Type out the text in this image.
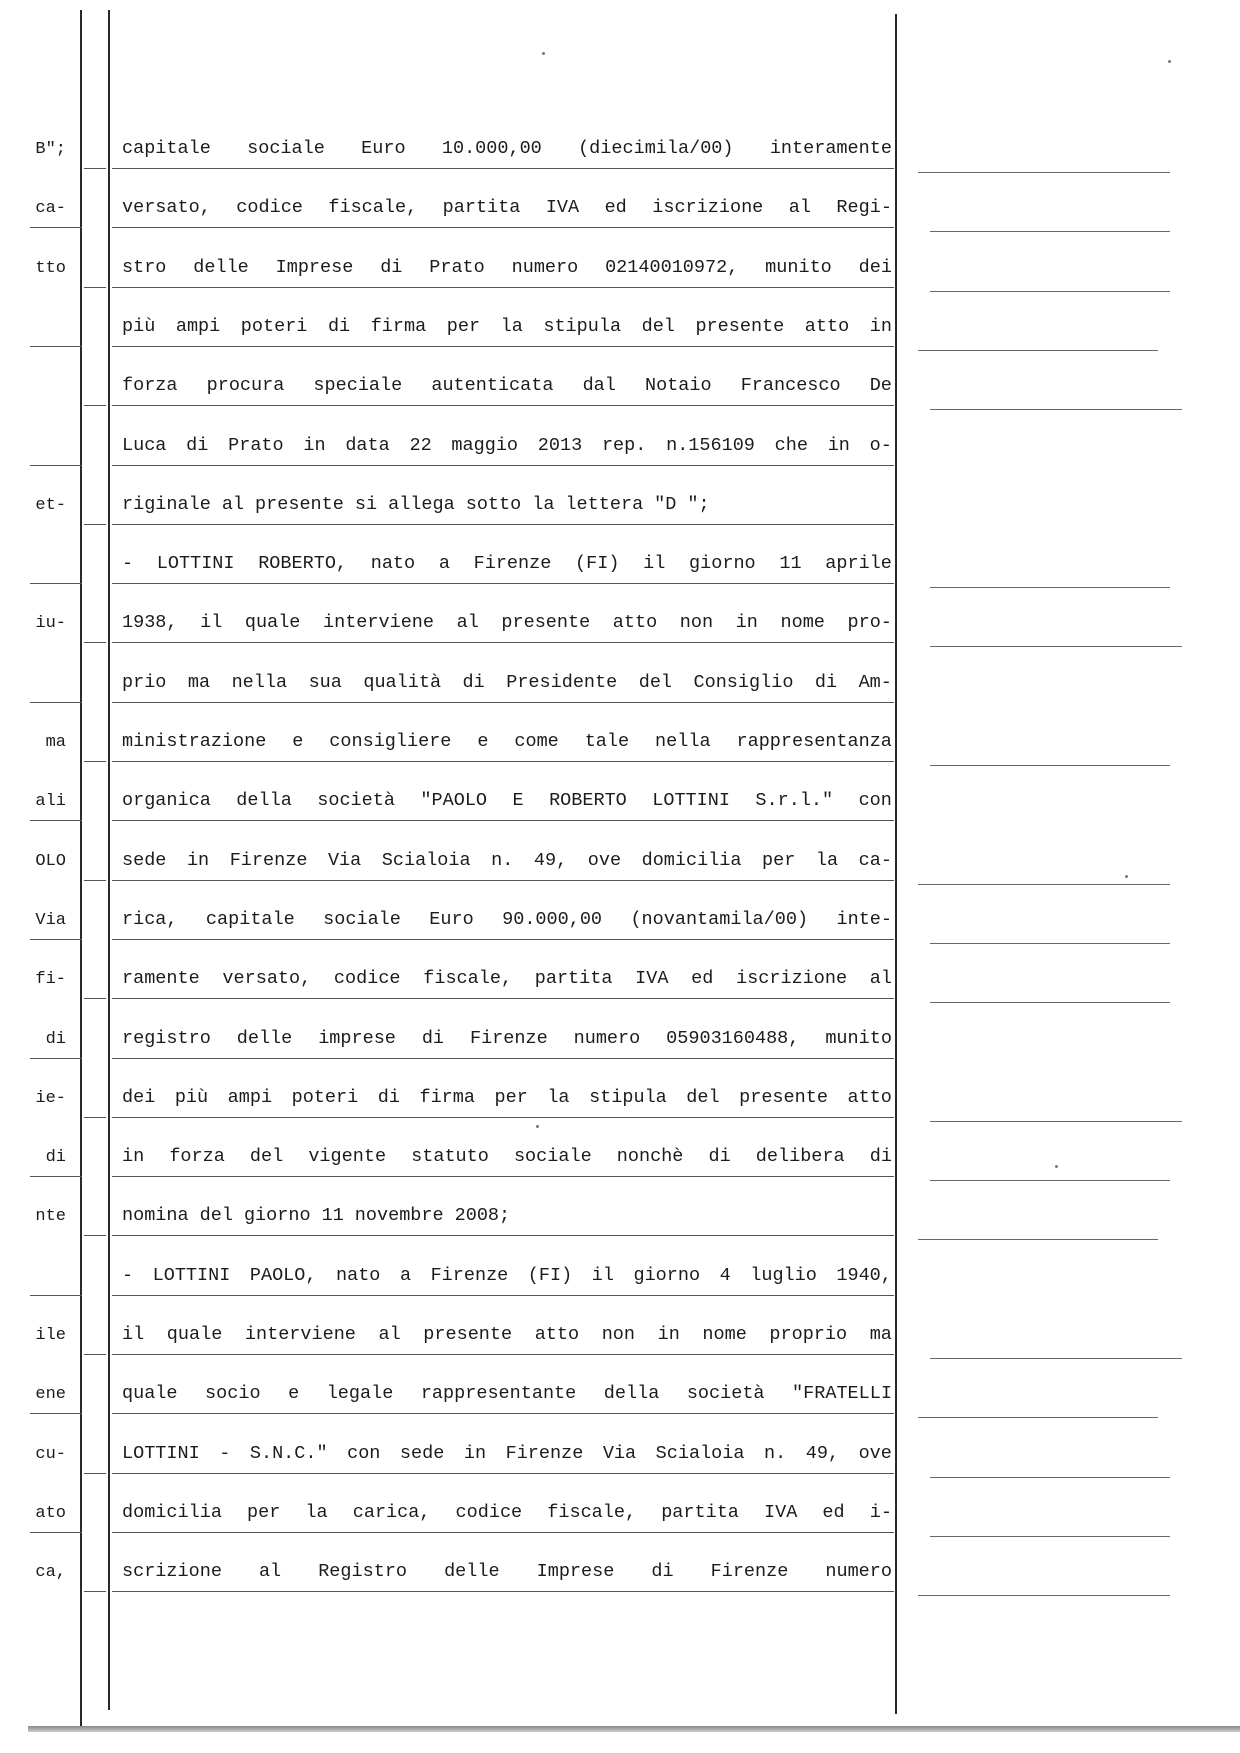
B";
ca-
tto
et-
iu-
ma
ali
OLO
Via
fi-
di
ie-
di
nte
ile
ene
cu-
ato
ca,
capitale sociale Euro 10.000,00 (diecimila/00) interamente
versato, codice fiscale, partita IVA ed iscrizione al Regi-
stro delle Imprese di Prato numero 02140010972, munito dei
più ampi poteri di firma per la stipula del presente atto in
forza procura speciale autenticata dal Notaio Francesco De
Luca di Prato in data 22 maggio 2013 rep. n.156109 che in o-
riginale al presente si allega sotto la lettera "D ";
- LOTTINI ROBERTO, nato a Firenze (FI) il giorno 11 aprile
1938, il quale interviene al presente atto non in nome pro-
prio ma nella sua qualità di Presidente del Consiglio di Am-
ministrazione e consigliere e come tale nella rappresentanza
organica della società "PAOLO E ROBERTO LOTTINI S.r.l." con
sede in Firenze Via Scialoia n. 49, ove domicilia per la ca-
rica, capitale sociale Euro 90.000,00 (novantamila/00) inte-
ramente versato, codice fiscale, partita IVA ed iscrizione al
registro delle imprese di Firenze numero 05903160488, munito
dei più ampi poteri di firma per la stipula del presente atto
in forza del vigente statuto sociale nonchè di delibera di
nomina del giorno 11 novembre 2008;
- LOTTINI PAOLO, nato a Firenze (FI) il giorno 4 luglio 1940,
il quale interviene al presente atto non in nome proprio ma
quale socio e legale rappresentante della società "FRATELLI
LOTTINI - S.N.C." con sede in Firenze Via Scialoia n. 49, ove
domicilia per la carica, codice fiscale, partita IVA ed i-
scrizione al Registro delle Imprese di Firenze numero
